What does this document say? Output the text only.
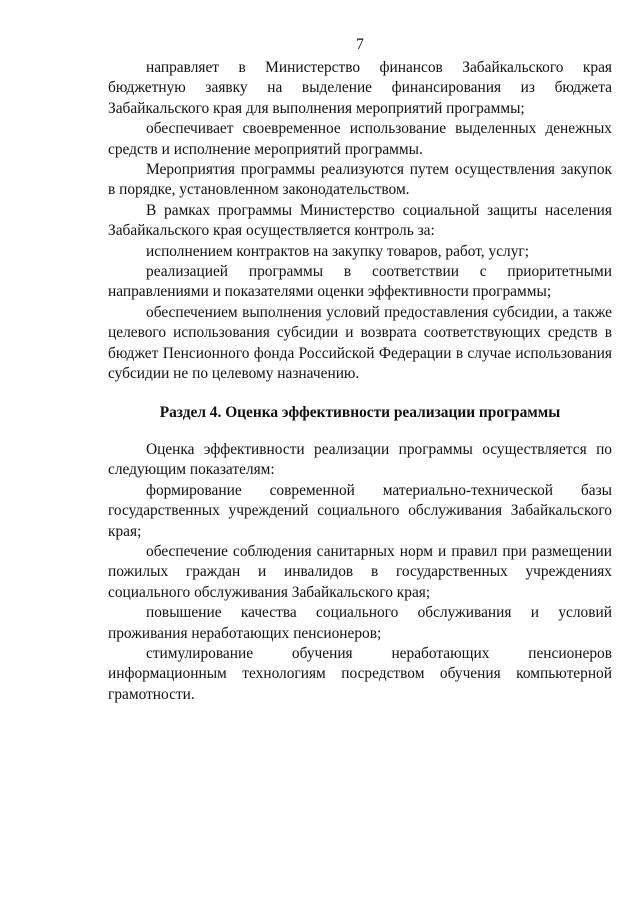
7

направляет в Министерство финансов Забайкальского края бюджетную заявку на выделение финансирования из бюджета Забайкальского края для выполнения мероприятий программы;

обеспечивает своевременное использование выделенных денежных средств и исполнение мероприятий программы.

Мероприятия программы реализуются путем осуществления закупок в порядке, установленном законодательством.

В рамках программы Министерство социальной защиты населения Забайкальского края осуществляется контроль за:

исполнением контрактов на закупку товаров, работ, услуг;

реализацией программы в соответствии с приоритетными направлениями и показателями оценки эффективности программы;

обеспечением выполнения условий предоставления субсидии, а также целевого использования субсидии и возврата соответствующих средств в бюджет Пенсионного фонда Российской Федерации в случае использования субсидии не по целевому назначению.

Раздел 4. Оценка эффективности реализации программы

Оценка эффективности реализации программы осуществляется по следующим показателям:

формирование современной материально-технической базы государственных учреждений социального обслуживания Забайкальского края;

обеспечение соблюдения санитарных норм и правил при размещении пожилых граждан и инвалидов в государственных учреждениях социального обслуживания Забайкальского края;

повышение качества социального обслуживания и условий проживания неработающих пенсионеров;

стимулирование обучения неработающих пенсионеров информационным технологиям посредством обучения компьютерной грамотности.
